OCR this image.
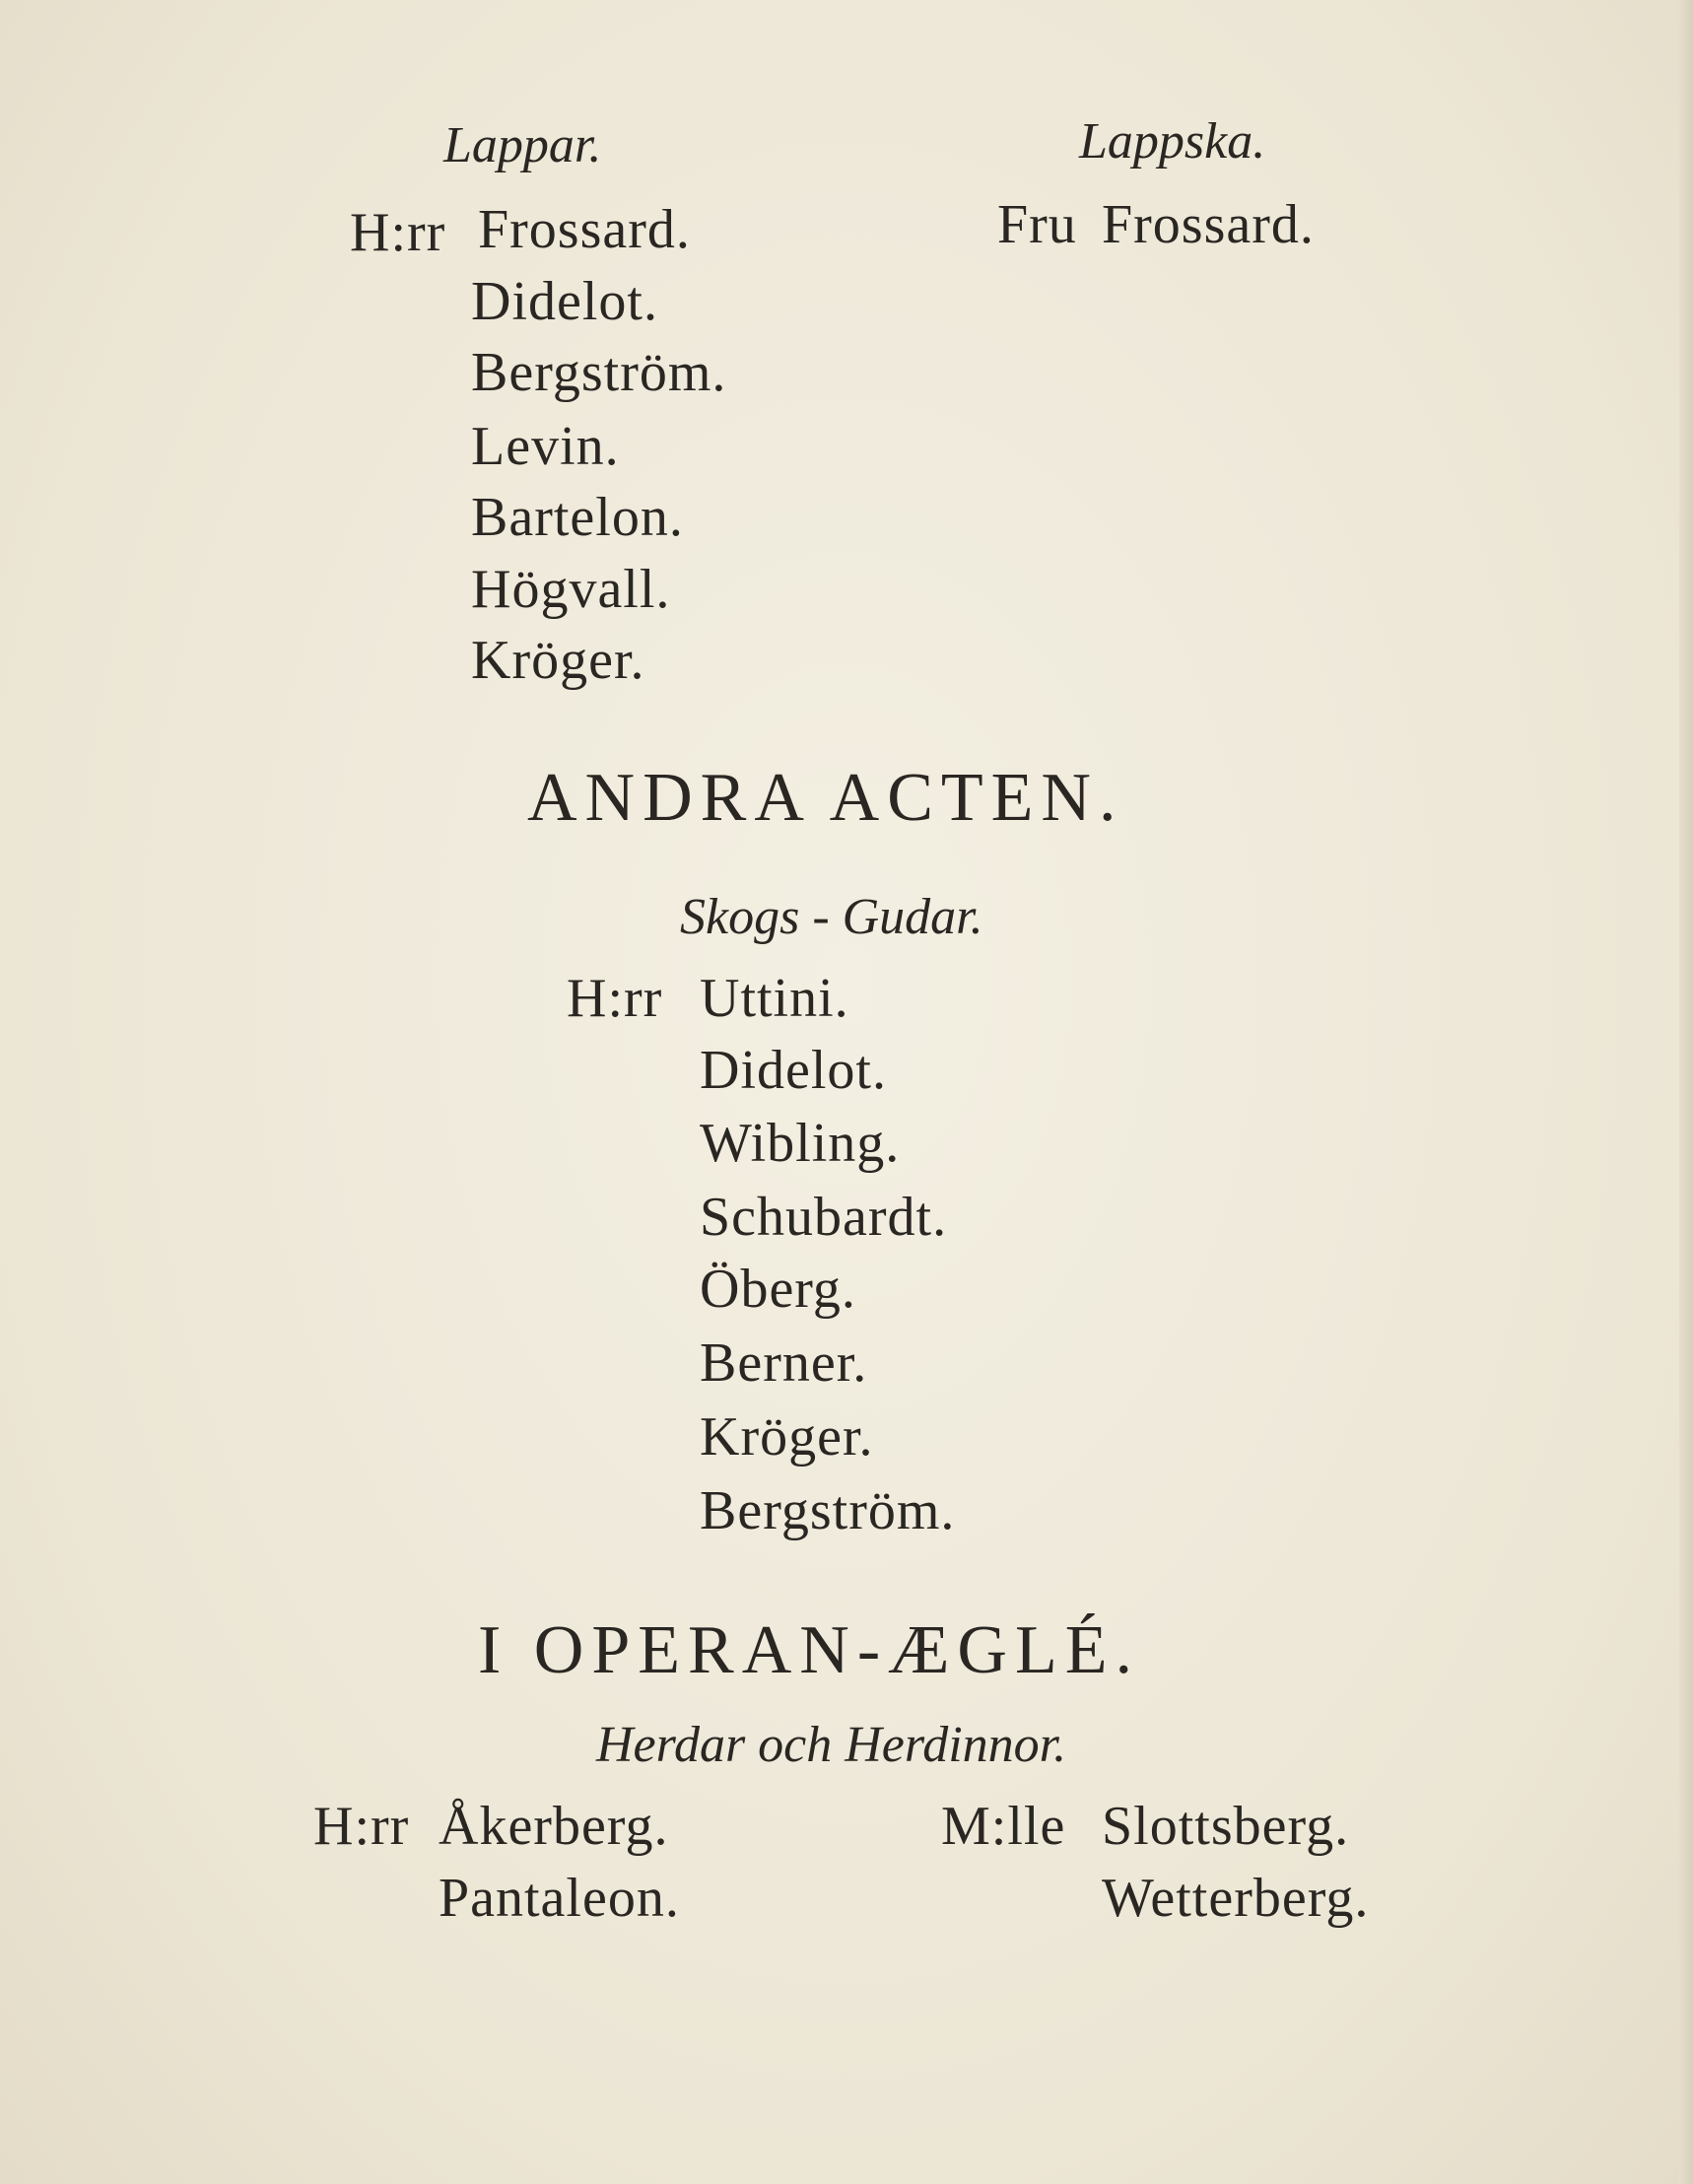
Lappar.	Lappska.
H:rr Frossard.
Didelot.
Bergström.
Levin.
Bartelon.
Högvall.
Kröger.
Fru Frossard.
ANDRA ACTEN.
Skogs - Gudar.
H:rr Uttini.
Didelot.
Wibling.
Schubardt.
Öberg.
Berner.
Kröger.
Bergström.
I OPERAN-ÆGLÉ.
Herdar och Herdinnor.
H:rr Åkerberg.
Pantaleon.
M:lle Slottsberg.
Wetterberg.
